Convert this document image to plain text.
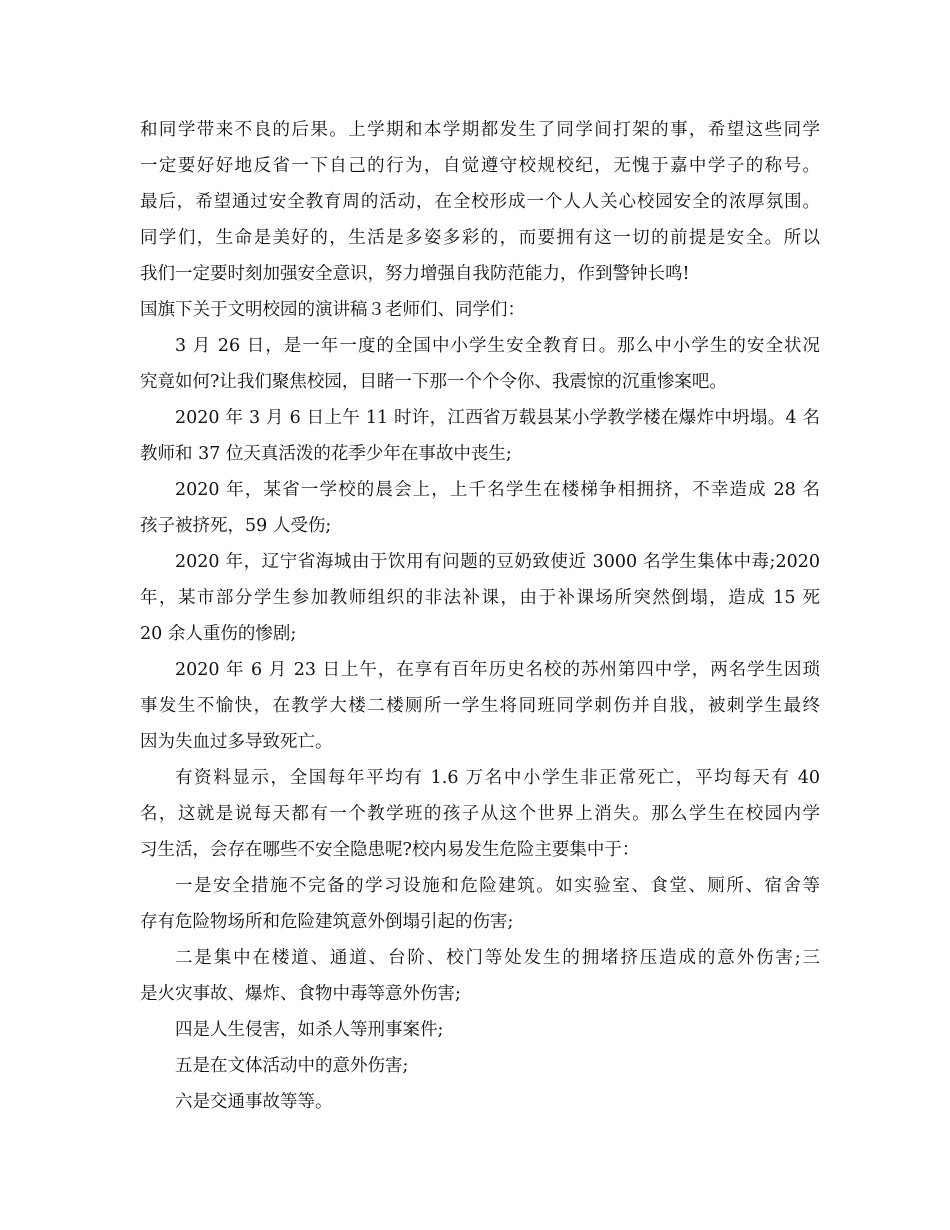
和同学带来不良的后果。上学期和本学期都发生了同学间打架的事，希望这些同学
一定要好好地反省一下自己的行为，自觉遵守校规校纪，无愧于嘉中学子的称号。
最后，希望通过安全教育周的活动，在全校形成一个人人关心校园安全的浓厚氛围。
同学们，生命是美好的，生活是多姿多彩的，而要拥有这一切的前提是安全。所以
我们一定要时刻加强安全意识，努力增强自我防范能力，作到警钟长鸣!
国旗下关于文明校园的演讲稿３老师们、同学们：
3 月 26 日，是一年一度的全国中小学生安全教育日。那么中小学生的安全状况
究竟如何?让我们聚焦校园，目睹一下那一个个令你、我震惊的沉重惨案吧。
2020 年 3 月 6 日上午 11 时许，江西省万载县某小学教学楼在爆炸中坍塌。4 名
教师和 37 位天真活泼的花季少年在事故中丧生;
2020 年，某省一学校的晨会上，上千名学生在楼梯争相拥挤，不幸造成 28 名
孩子被挤死，59 人受伤;
2020 年，辽宁省海城由于饮用有问题的豆奶致使近 3000 名学生集体中毒;2020
年，某市部分学生参加教师组织的非法补课，由于补课场所突然倒塌，造成 15 死
20 余人重伤的惨剧;
2020 年 6 月 23 日上午，在享有百年历史名校的苏州第四中学，两名学生因琐
事发生不愉快，在教学大楼二楼厕所一学生将同班同学刺伤并自戕，被刺学生最终
因为失血过多导致死亡。
有资料显示，全国每年平均有 1.6 万名中小学生非正常死亡，平均每天有 40
名，这就是说每天都有一个教学班的孩子从这个世界上消失。那么学生在校园内学
习生活，会存在哪些不安全隐患呢?校内易发生危险主要集中于：
一是安全措施不完备的学习设施和危险建筑。如实验室、食堂、厕所、宿舍等
存有危险物场所和危险建筑意外倒塌引起的伤害;
二是集中在楼道、通道、台阶、校门等处发生的拥堵挤压造成的意外伤害;三
是火灾事故、爆炸、食物中毒等意外伤害;
四是人生侵害，如杀人等刑事案件;
五是在文体活动中的意外伤害;
六是交通事故等等。
